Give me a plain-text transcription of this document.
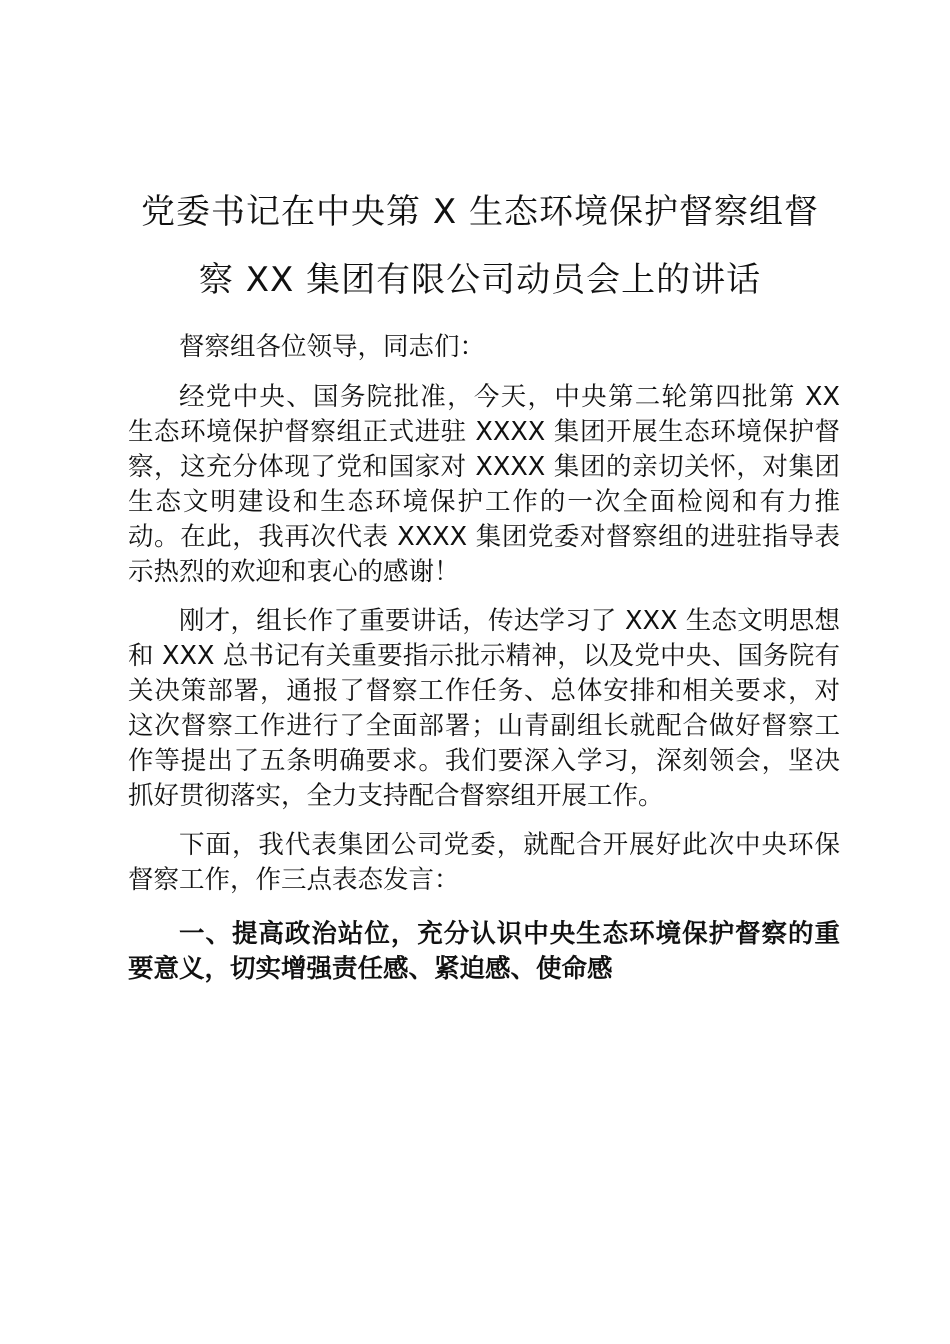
党委书记在中央第 X 生态环境保护督察组督
察 XX 集团有限公司动员会上的讲话

督察组各位领导，同志们：

经党中央、国务院批准，今天，中央第二轮第四批第 XX 生态环境保护督察组正式进驻 XXXX 集团开展生态环境保护督察，这充分体现了党和国家对 XXXX 集团的亲切关怀，对集团生态文明建设和生态环境保护工作的一次全面检阅和有力推动。在此，我再次代表 XXXX 集团党委对督察组的进驻指导表示热烈的欢迎和衷心的感谢！

刚才，组长作了重要讲话，传达学习了 XXX 生态文明思想和 XXX 总书记有关重要指示批示精神，以及党中央、国务院有关决策部署，通报了督察工作任务、总体安排和相关要求，对这次督察工作进行了全面部署；山青副组长就配合做好督察工作等提出了五条明确要求。我们要深入学习，深刻领会，坚决抓好贯彻落实，全力支持配合督察组开展工作。

下面，我代表集团公司党委，就配合开展好此次中央环保督察工作，作三点表态发言：

一、提高政治站位，充分认识中央生态环境保护督察的重要意义，切实增强责任感、紧迫感、使命感
